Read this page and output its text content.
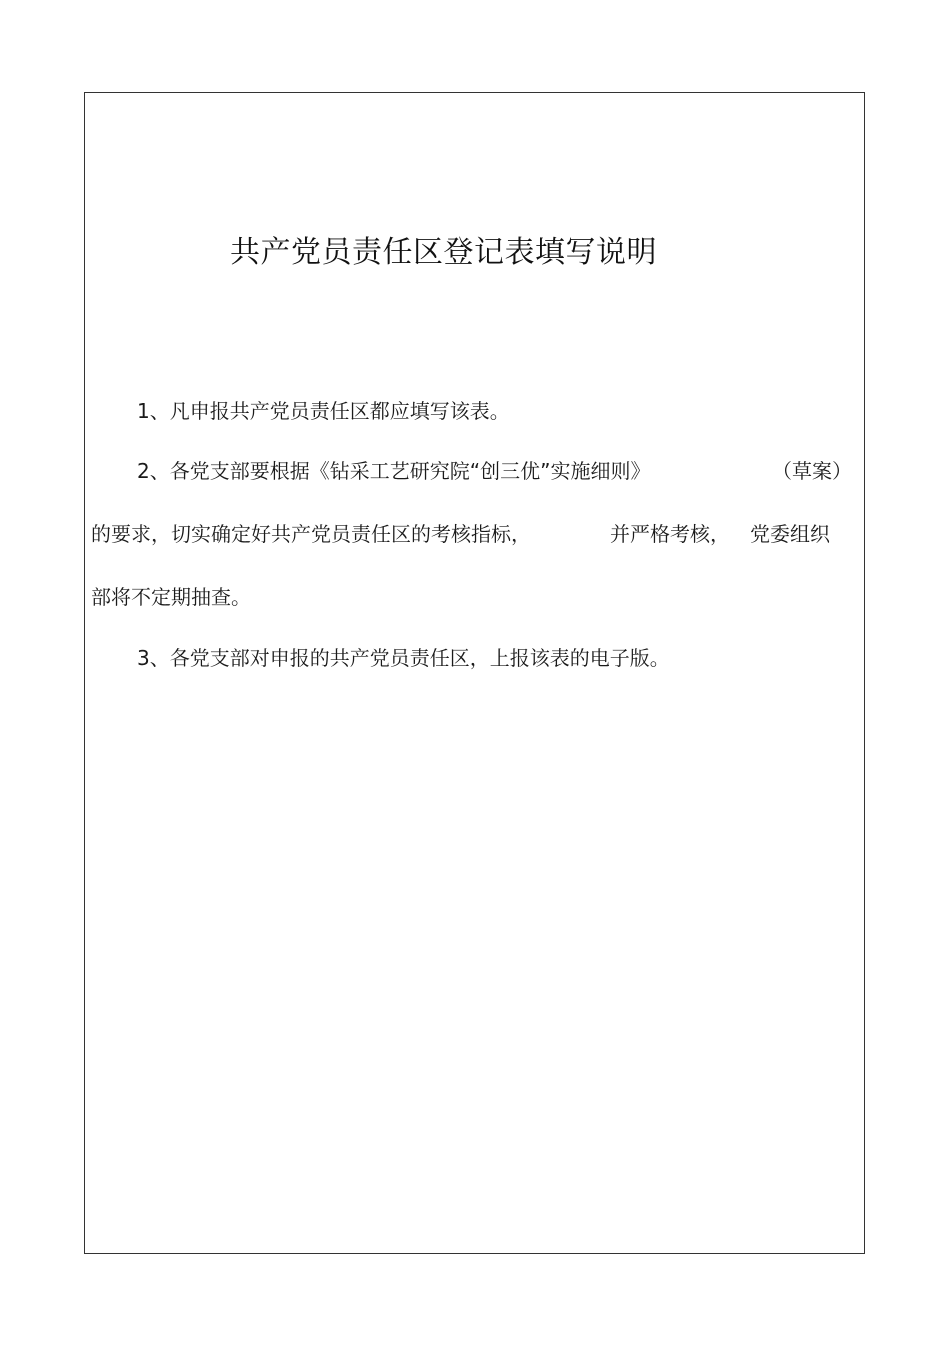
共产党员责任区登记表填写说明
1、凡申报共产党员责任区都应填写该表。
2、各党支部要根据《钻采工艺研究院“创三优”实施细则》	（草案）
的要求，切实确定好共产党员责任区的考核指标，	并严格考核， 党委组织
部将不定期抽查。
3、各党支部对申报的共产党员责任区，上报该表的电子版。
